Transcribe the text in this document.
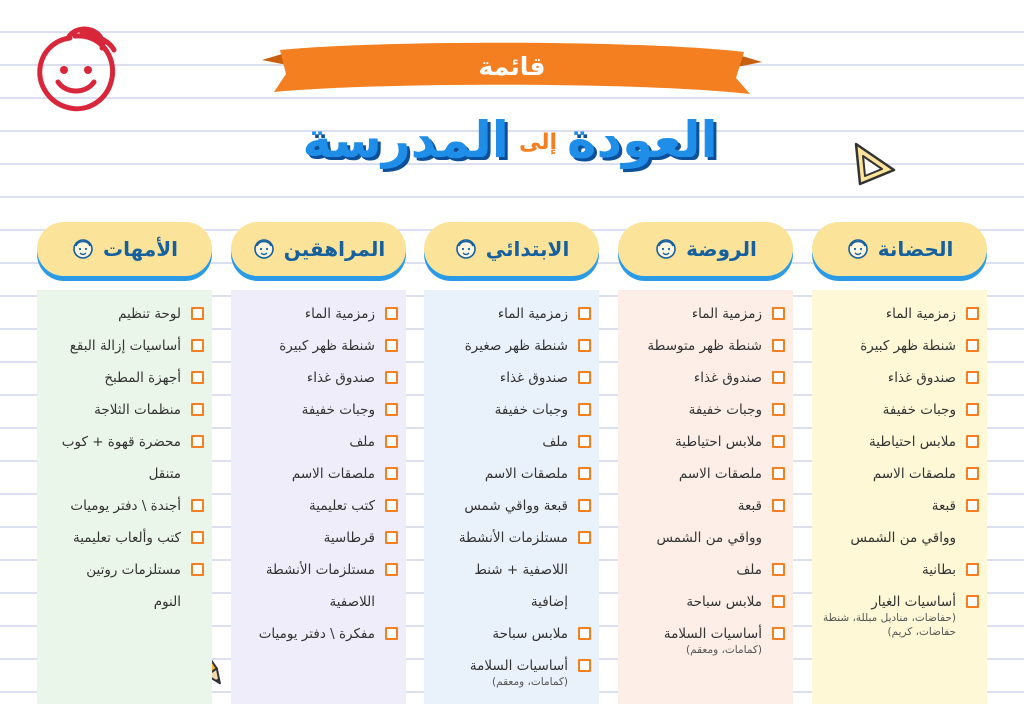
قائمة
العودة
إلى
المدرسة
الحضانة
زمزمية الماء
شنطة ظهر كبيرة
صندوق غذاء
وجبات خفيفة
ملابس احتياطية
ملصقات الاسم
قبعة
وواقي من الشمس
بطانية
أساسيات الغيار
(حفاضات، مناديل مبللة، شنطة حفاضات، كريم)
الروضة
زمزمية الماء
شنطة ظهر متوسطة
صندوق غذاء
وجبات خفيفة
ملابس احتياطية
ملصقات الاسم
قبعة
وواقي من الشمس
ملف
ملابس سباحة
أساسيات السلامة
(كمامات، ومعقم)
الابتدائي
زمزمية الماء
شنطة ظهر صغيرة
صندوق غذاء
وجبات خفيفة
ملف
ملصقات الاسم
قبعة وواقي شمس
مستلزمات الأنشطة
اللاصفية + شنط
إضافية
ملابس سباحة
أساسيات السلامة
(كمامات، ومعقم)
المراهقين
زمزمية الماء
شنطة ظهر كبيرة
صندوق غذاء
وجبات خفيفة
ملف
ملصقات الاسم
كتب تعليمية
قرطاسية
مستلزمات الأنشطة
اللاصفية
مفكرة \ دفتر يوميات
الأمهات
لوحة تنظيم
أساسيات إزالة البقع
أجهزة المطبخ
منظمات الثلاجة
محضرة قهوة + كوب
متنقل
أجندة \ دفتر يوميات
كتب وألعاب تعليمية
مستلزمات روتين
النوم
